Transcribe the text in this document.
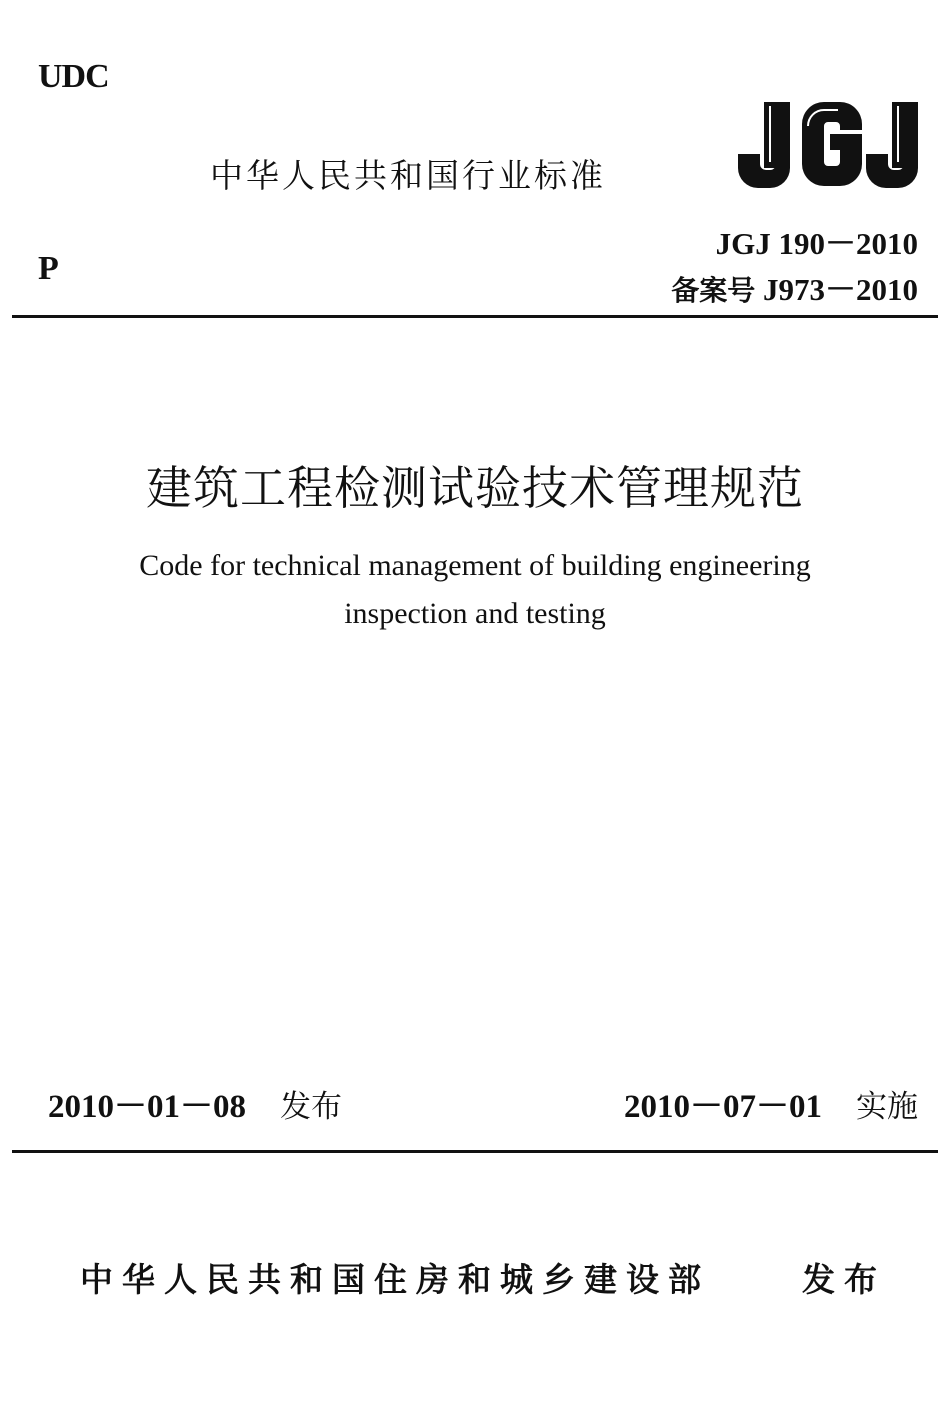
UDC
中华人民共和国行业标准
P
JGJ 190－2010
备案号 J973－2010
建筑工程检测试验技术管理规范
Code for technical management of building engineering
inspection and testing
2010－01－08 发布	2010－07－01 实施
中华人民共和国住房和城乡建设部	发布
